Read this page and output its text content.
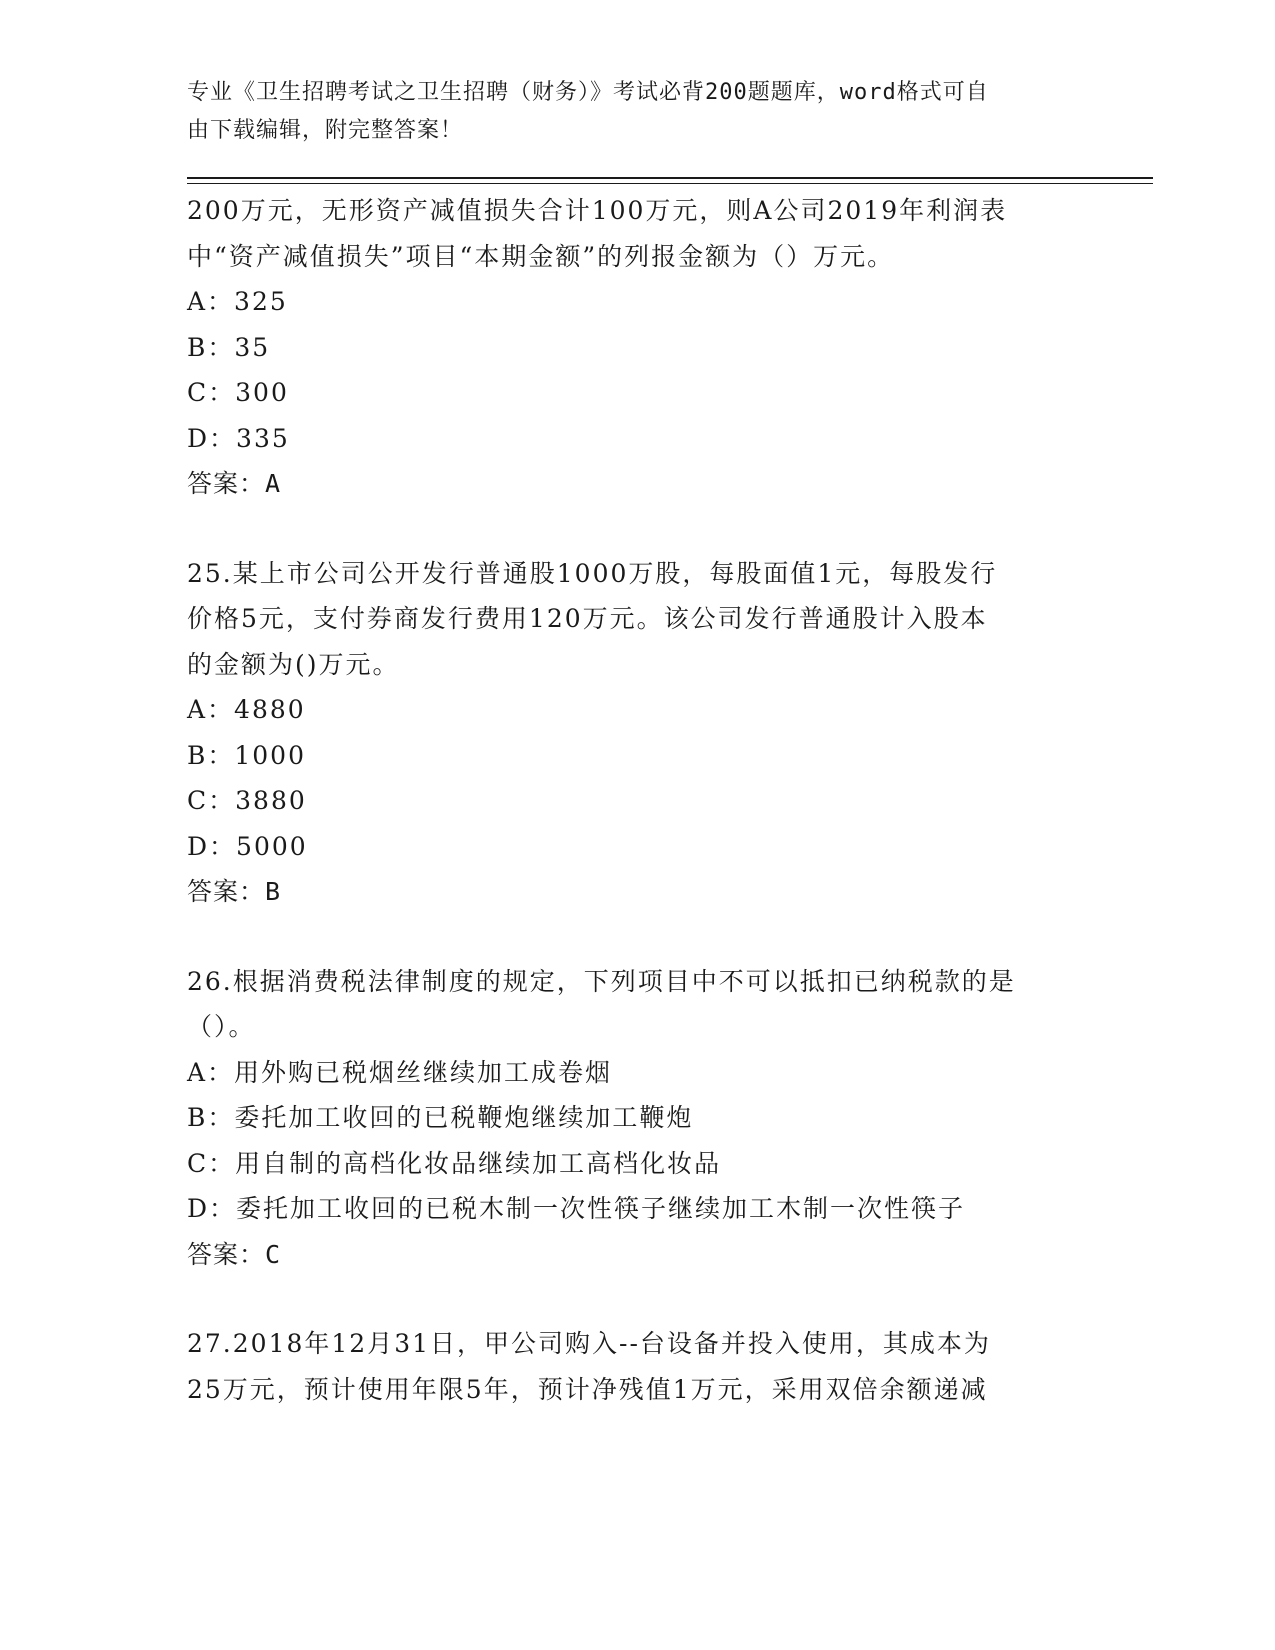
专业《卫生招聘考试之卫生招聘（财务）》考试必背200题题库，word格式可自
由下载编辑，附完整答案！
200万元，无形资产减值损失合计100万元，则A公司2019年利润表
中“资产减值损失”项目“本期金额”的列报金额为（）万元。
A：325
B：35
C：300
D：335
答案：A
25.某上市公司公开发行普通股1000万股，每股面值1元，每股发行
价格5元，支付券商发行费用120万元。该公司发行普通股计入股本
的金额为()万元。
A：4880
B：1000
C：3880
D：5000
答案：B
26.根据消费税法律制度的规定，下列项目中不可以抵扣已纳税款的是
（）。
A：用外购已税烟丝继续加工成卷烟
B：委托加工收回的已税鞭炮继续加工鞭炮
C：用自制的高档化妆品继续加工高档化妆品
D：委托加工收回的已税木制一次性筷子继续加工木制一次性筷子
答案：C
27.2018年12月31日，甲公司购入--台设备并投入使用，其成本为
25万元，预计使用年限5年，预计净残值1万元，采用双倍余额递减
